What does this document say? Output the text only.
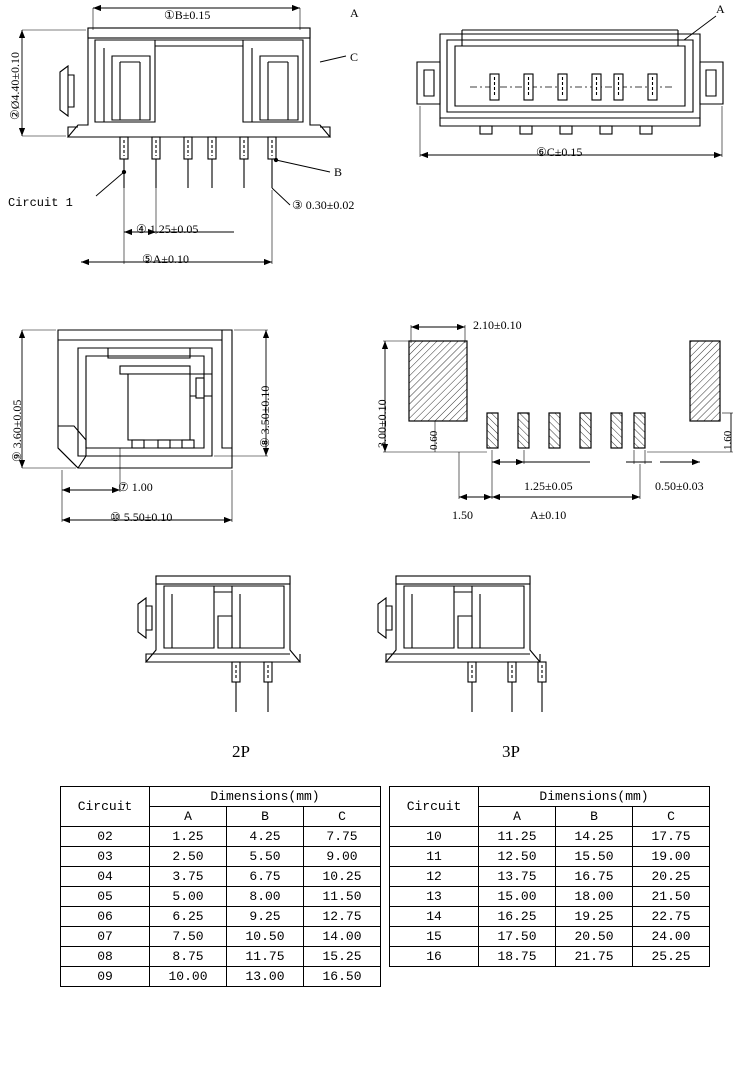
①B±0.15
②Ø4.40±0.10
A
B
C
Circuit 1	③ 0.30±0.02
④ 1.25±0.05
⑤A±0.10
A
⑥C±0.15
⑨ 3.60±0.05	⑧ 3.50±0.10
⑦ 1.00
⑩ 5.50±0.10
2.10±0.10
3.00±0.10	0.60	1.60
1.25±0.05	0.50±0.03
1.50	A±0.10
2P	3P
Circuit	Dimensions(mm)		
	A	B	C
02	1.25	4.25	7.75
03	2.50	5.50	9.00
04	3.75	6.75	10.25
05	5.00	8.00	11.50
06	6.25	9.25	12.75
07	7.50	10.50	14.00
08	8.75	11.75	15.25
09	10.00	13.00	16.50
Circuit	Dimensions(mm)		
	A	B	C
10	11.25	14.25	17.75
11	12.50	15.50	19.00
12	13.75	16.75	20.25
13	15.00	18.00	21.50
14	16.25	19.25	22.75
15	17.50	20.50	24.00
16	18.75	21.75	25.25
